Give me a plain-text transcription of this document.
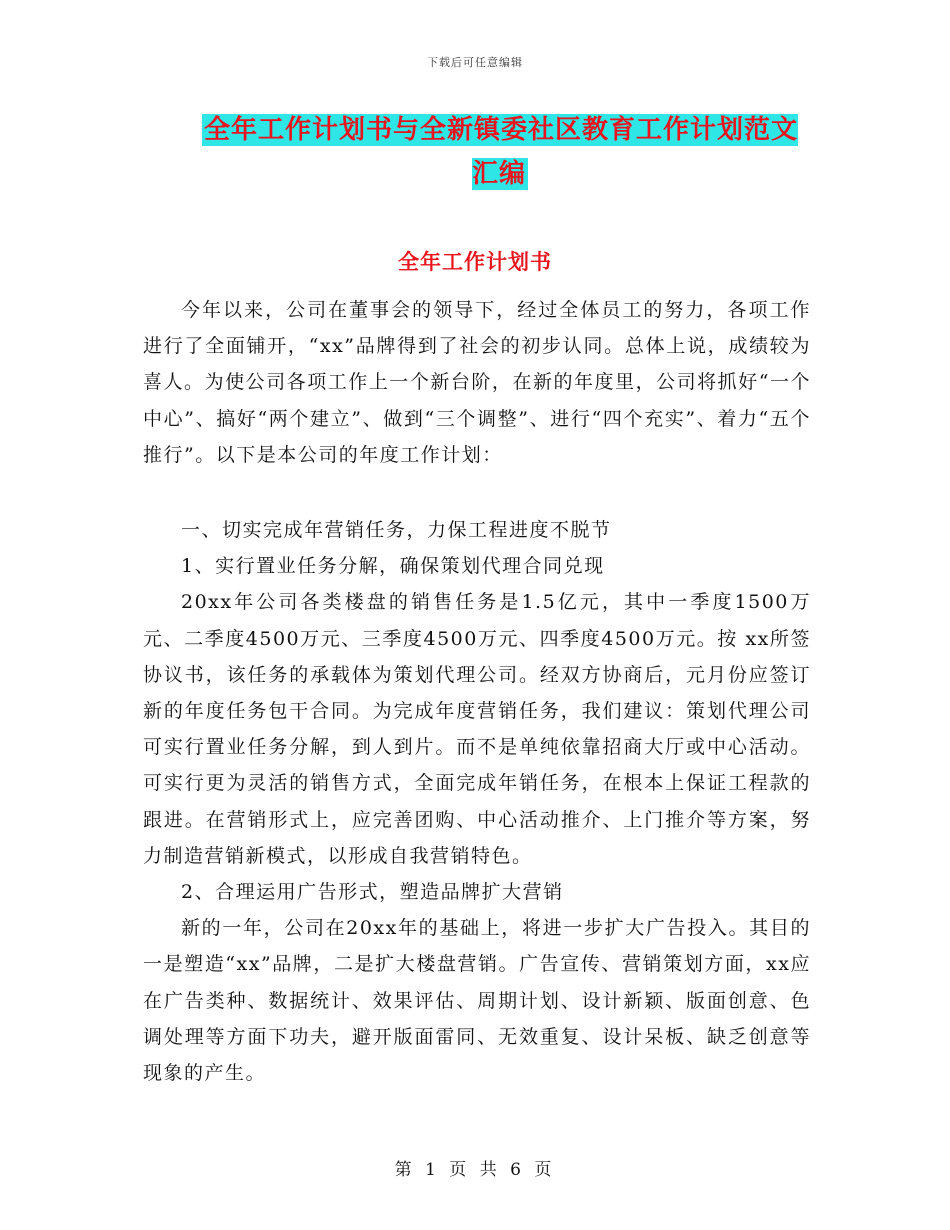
下载后可任意编辑
全年工作计划书与全新镇委社区教育工作计划范文汇编
全年工作计划书

今年以来，公司在董事会的领导下，经过全体员工的努力，各项工作进行了全面铺开，“xx”品牌得到了社会的初步认同。总体上说，成绩较为喜人。为使公司各项工作上一个新台阶，在新的年度里，公司将抓好“一个中心”、搞好“两个建立”、做到“三个调整”、进行“四个充实”、着力“五个推行”。以下是本公司的年度工作计划：

一、切实完成年营销任务，力保工程进度不脱节

1、实行置业任务分解，确保策划代理合同兑现

20xx年公司各类楼盘的销售任务是1.5亿元，其中一季度1500万元、二季度4500万元、三季度4500万元、四季度4500万元。按 xx所签协议书，该任务的承载体为策划代理公司。经双方协商后，元月份应签订新的年度任务包干合同。为完成年度营销任务，我们建议：策划代理公司可实行置业任务分解，到人到片。而不是单纯依靠招商大厅或中心活动。可实行更为灵活的销售方式，全面完成年销任务，在根本上保证工程款的跟进。在营销形式上，应完善团购、中心活动推介、上门推介等方案，努力制造营销新模式，以形成自我营销特色。

2、合理运用广告形式，塑造品牌扩大营销

新的一年，公司在20xx年的基础上，将进一步扩大广告投入。其目的一是塑造“xx”品牌，二是扩大楼盘营销。广告宣传、营销策划方面，xx应在广告类种、数据统计、效果评估、周期计划、设计新颖、版面创意、色调处理等方面下功夫，避开版面雷同、无效重复、设计呆板、缺乏创意等现象的产生。

第 1 页 共 6 页
